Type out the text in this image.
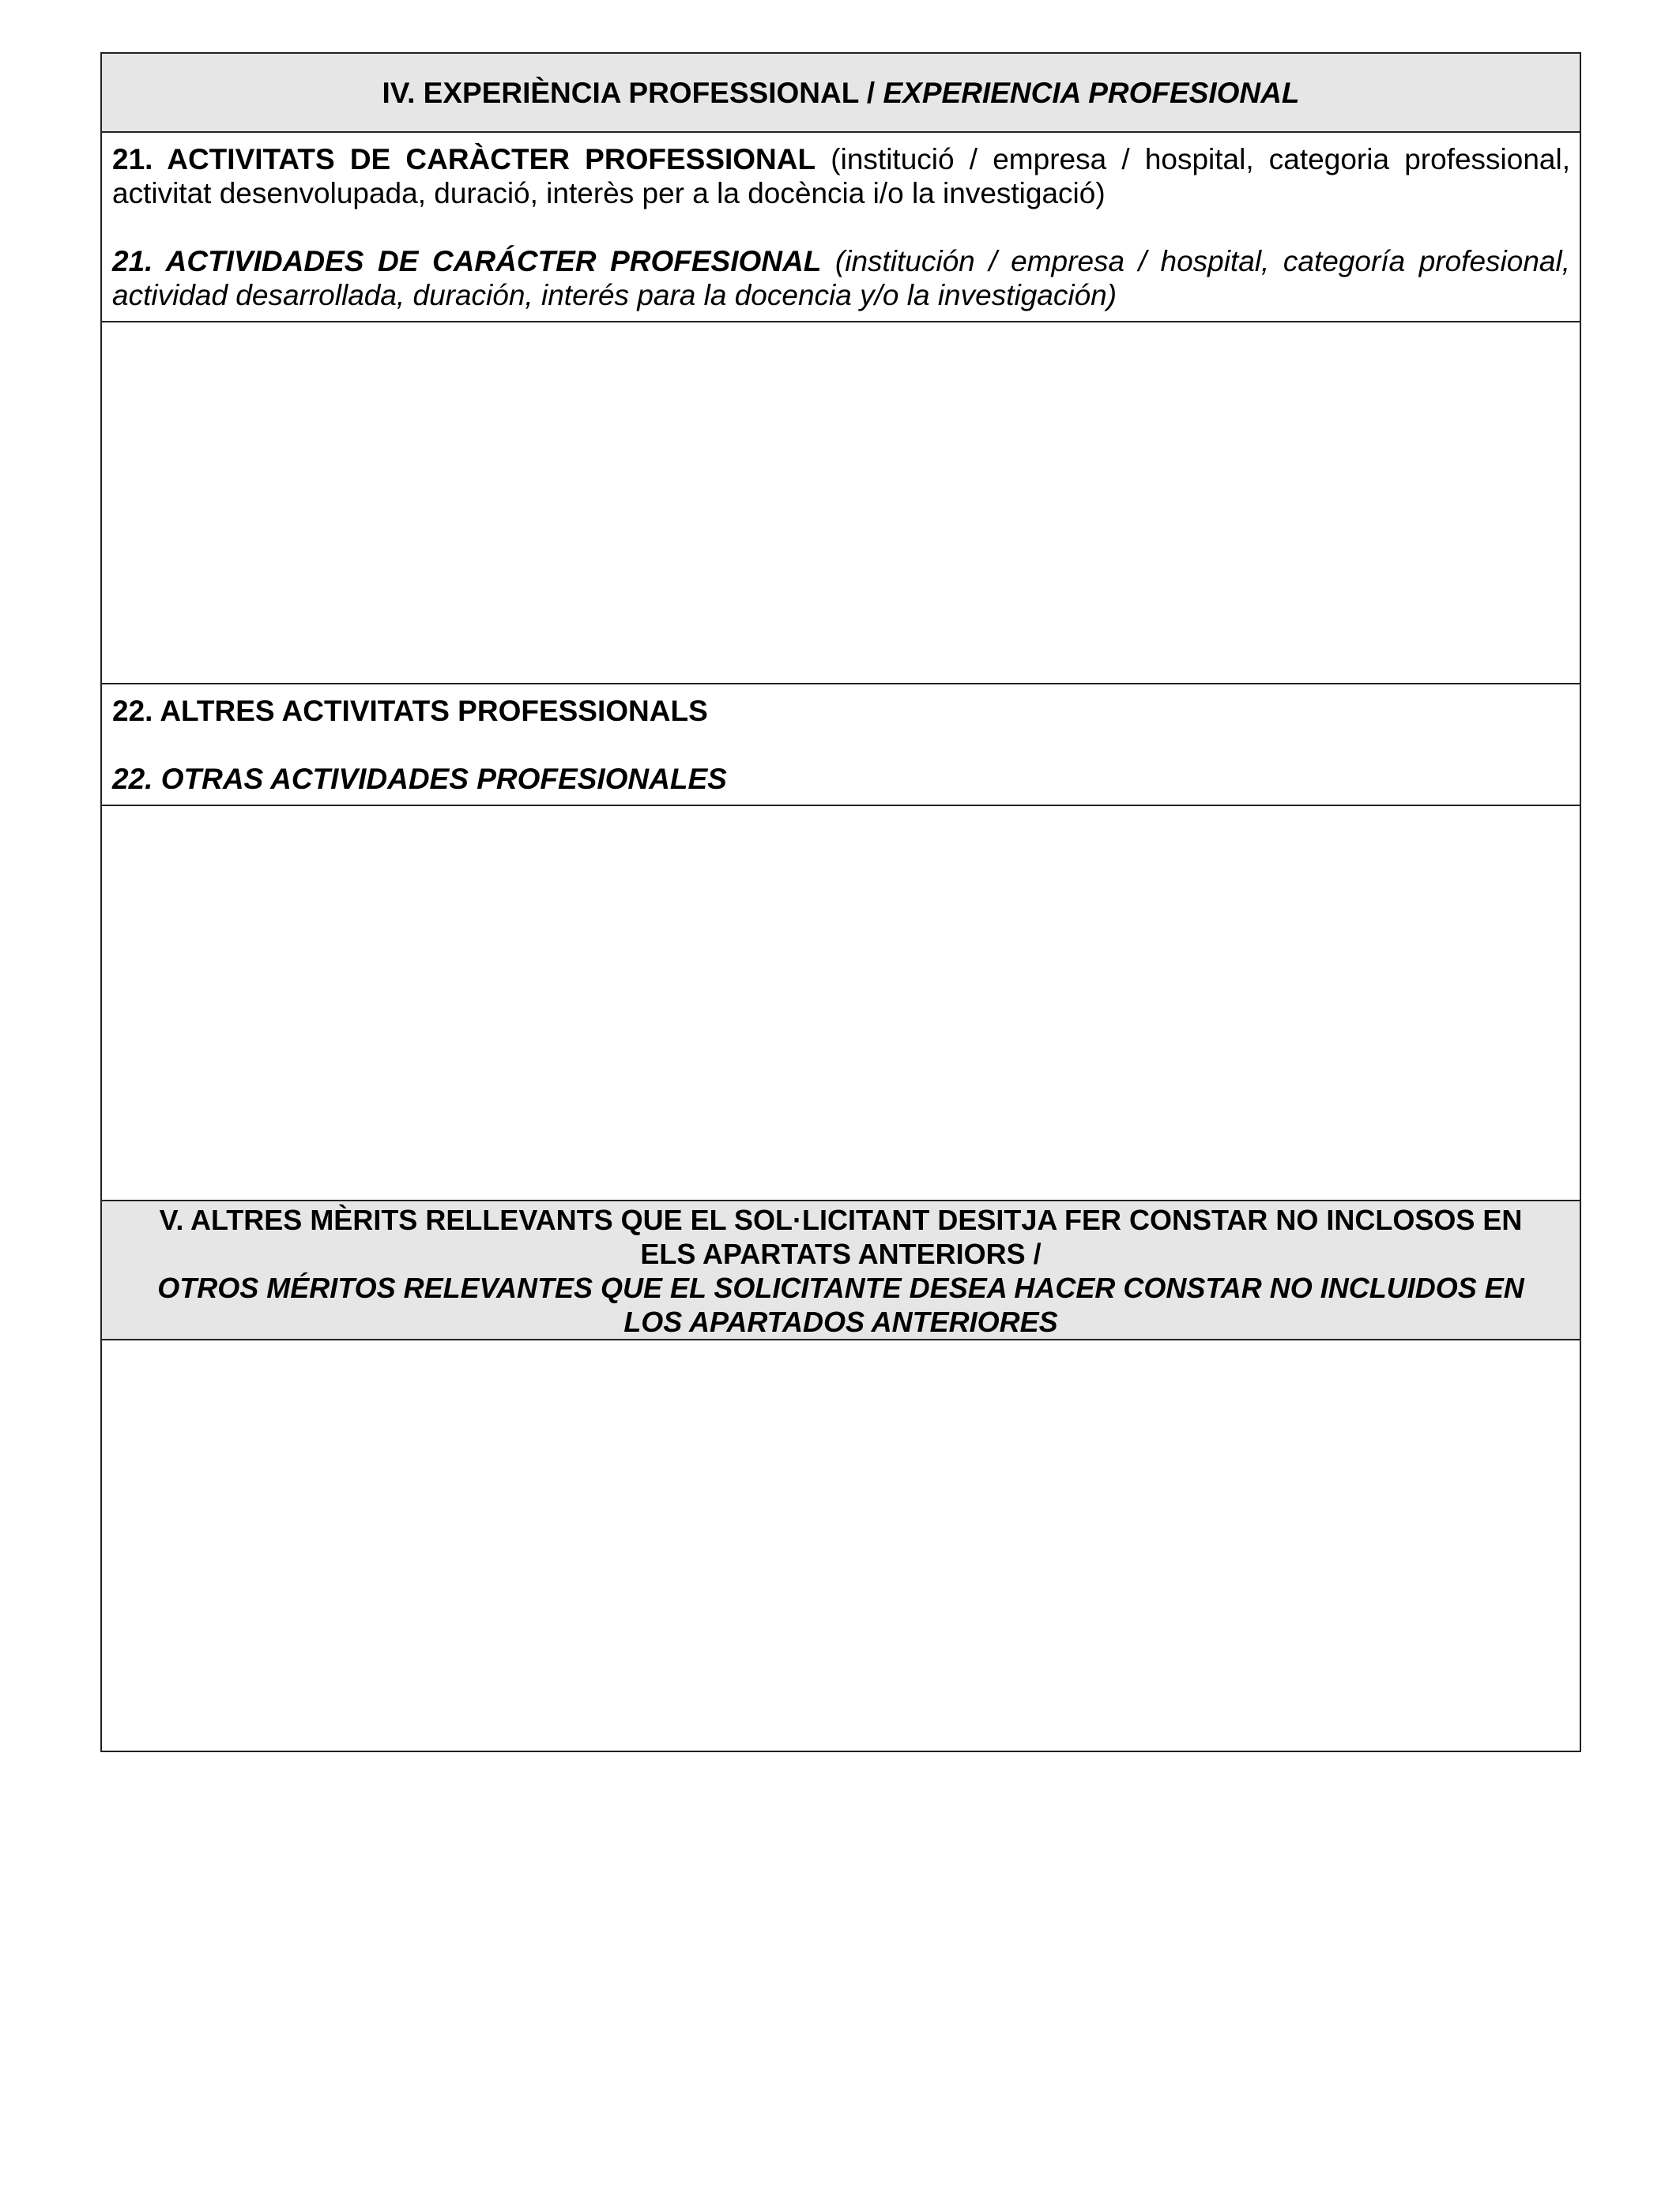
IV. EXPERIÈNCIA PROFESSIONAL / EXPERIENCIA PROFESIONAL

21. ACTIVITATS DE CARÀCTER PROFESSIONAL (institució / empresa / hospital, categoria professional, activitat desenvolupada, duració, interès per a la docència i/o la investigació)

21. ACTIVIDADES DE CARÁCTER PROFESIONAL (institución / empresa / hospital, categoría profesional, actividad desarrollada, duración, interés para la docencia y/o la investigación)

22. ALTRES ACTIVITATS PROFESSIONALS

22. OTRAS ACTIVIDADES PROFESIONALES

V. ALTRES MÈRITS RELLEVANTS QUE EL SOL·LICITANT DESITJA FER CONSTAR NO INCLOSOS EN
ELS APARTATS ANTERIORS /
OTROS MÉRITOS RELEVANTES QUE EL SOLICITANTE DESEA HACER CONSTAR NO INCLUIDOS EN
LOS APARTADOS ANTERIORES
